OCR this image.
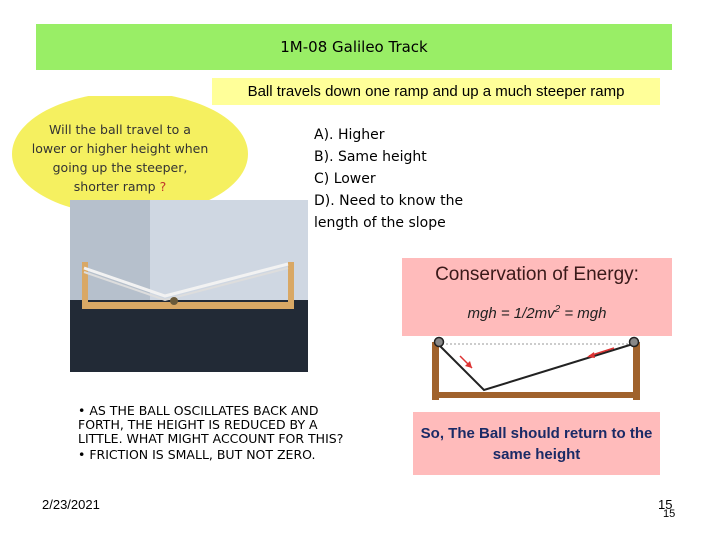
1M-08 Galileo Track
Ball travels down one ramp and up a much steeper ramp
Will the ball travel to a lower or higher height when going up the steeper, shorter ramp ?
A). Higher
B). Same height
C) Lower
D). Need to know the length of the slope
Conservation of Energy:
mgh = $1/2mv^2$ = mgh
• AS THE BALL OSCILLATES BACK AND FORTH, THE HEIGHT IS REDUCED BY A LITTLE. WHAT MIGHT ACCOUNT FOR THIS?
• FRICTION IS SMALL, BUT NOT ZERO.
So, The Ball should return to the same height
2/23/2021	15
15
